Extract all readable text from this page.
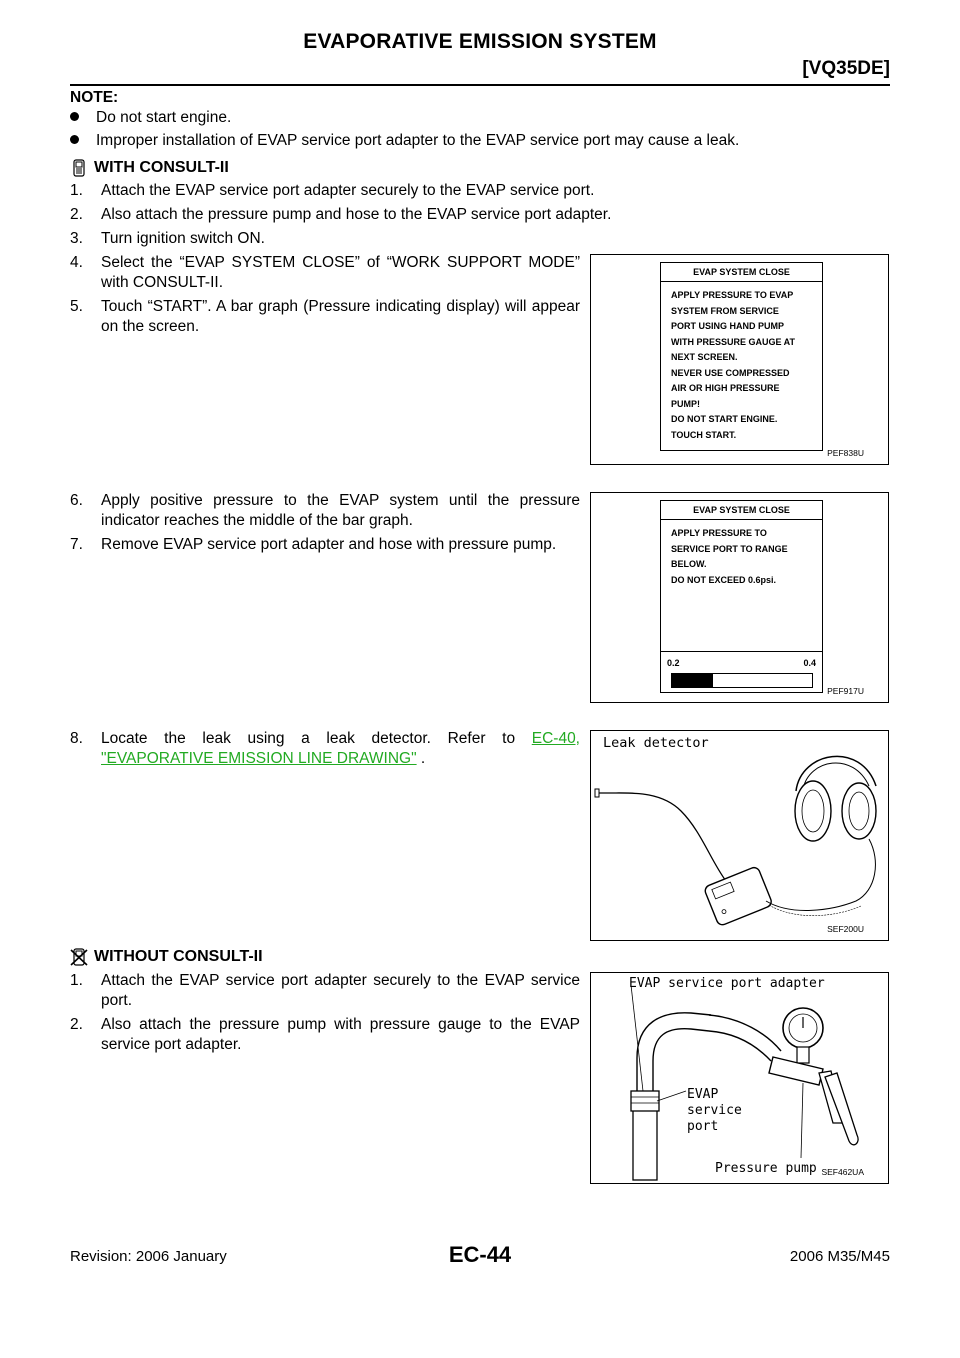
EVAPORATIVE EMISSION SYSTEM
[VQ35DE]
NOTE:
Do not start engine.
Improper installation of EVAP service port adapter to the EVAP service port may cause a leak.
WITH CONSULT-II
1. Attach the EVAP service port adapter securely to the EVAP service port.
2. Also attach the pressure pump and hose to the EVAP service port adapter.
3. Turn ignition switch ON.
4. Select the “EVAP SYSTEM CLOSE” of “WORK SUPPORT MODE” with CONSULT-II.
5. Touch “START”. A bar graph (Pressure indicating display) will appear on the screen.
EVAP SYSTEM CLOSE
APPLY PRESSURE TO EVAP
SYSTEM FROM SERVICE
PORT USING HAND PUMP
WITH PRESSURE GAUGE AT
NEXT SCREEN.
NEVER USE COMPRESSED
AIR OR HIGH PRESSURE
PUMP!
DO NOT START ENGINE.
TOUCH START.
PEF838U
6. Apply positive pressure to the EVAP system until the pressure indicator reaches the middle of the bar graph.
7. Remove EVAP service port adapter and hose with pressure pump.
EVAP SYSTEM CLOSE
APPLY PRESSURE TO
SERVICE PORT TO RANGE
BELOW.
DO NOT EXCEED 0.6psi.
0.2	0.4
PEF917U
8. Locate the leak using a leak detector. Refer to EC-40, "EVAPORATIVE EMISSION LINE DRAWING" .
Leak detector
SEF200U
WITHOUT CONSULT-II
1. Attach the EVAP service port adapter securely to the EVAP service port.
2. Also attach the pressure pump with pressure gauge to the EVAP service port adapter.
EVAP service port adapter
EVAP
service
port
Pressure pump SEF462UA
Revision: 2006 January	EC-44	2006 M35/M45
